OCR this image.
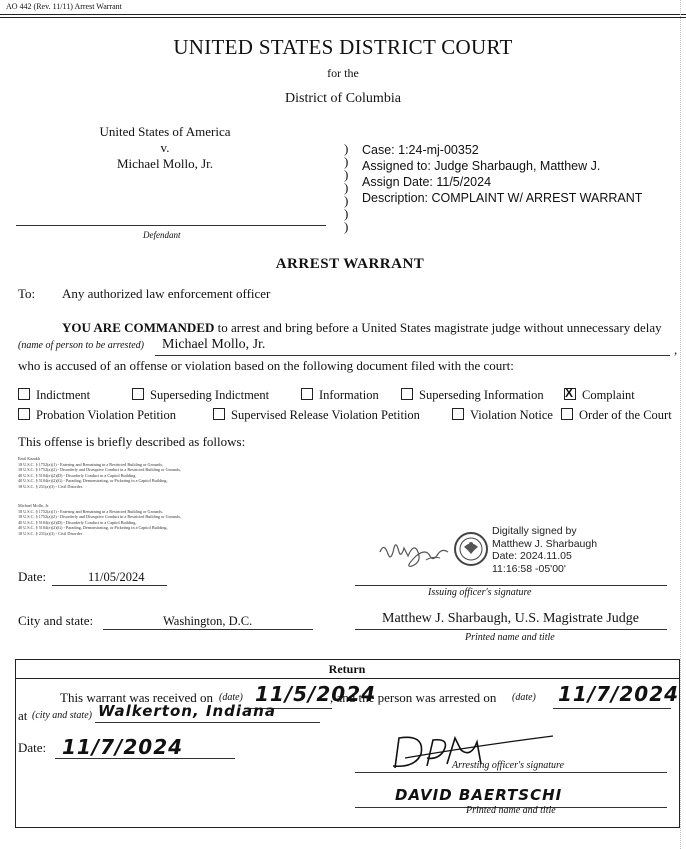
AO 442 (Rev. 11/11) Arrest Warrant
UNITED STATES DISTRICT COURT
for the
District of Columbia
United States of America
v.
Michael Mollo, Jr.
Defendant
)
)
)
)
)
)
)
Case: 1:24-mj-00352
Assigned to: Judge Sharbaugh, Matthew J.
Assign Date: 11/5/2024
Description: COMPLAINT W/ ARREST WARRANT
ARREST WARRANT
To: Any authorized law enforcement officer
YOU ARE COMMANDED to arrest and bring before a United States magistrate judge without unnecessary delay
(name of person to be arrested) Michael Mollo, Jr.	,
who is accused of an offense or violation based on the following document filed with the court:
Indictment	Superseding Indictment	Information	Superseding Information
X	Complaint
Probation Violation Petition	Supervised Release Violation Petition	Violation Notice	Order of the Court
This offense is briefly described as follows:
Emil Kazakh
18 U.S.C. § 1752(a)(1) - Entering and Remaining in a Restricted Building or Grounds,
18 U.S.C. § 1752(a)(2) - Disorderly and Disruptive Conduct in a Restricted Building or Grounds,
40 U.S.C. § 5104(e)(2)(D) - Disorderly Conduct in a Capitol Building,
40 U.S.C. § 5104(e)(2)(G) - Parading, Demonstrating, or Picketing in a Capitol Building,
18 U.S.C. § 231(a)(3) - Civil Disorder.
Michael Mollo, Jr.
18 U.S.C. § 1752(a)(1) - Entering and Remaining in a Restricted Building or Grounds,
18 U.S.C. § 1752(a)(2) - Disorderly and Disruptive Conduct in a Restricted Building or Grounds,
40 U.S.C. § 5104(e)(2)(D) - Disorderly Conduct in a Capitol Building,
40 U.S.C. § 5104(e)(2)(G) - Parading, Demonstrating, or Picketing in a Capitol Building,
18 U.S.C. § 231(a)(3) - Civil Disorder	Digitally signed by
Matthew J. Sharbaugh
Date: 2024.11.05
11:16:58 -05'00'
Date:	11/05/2024
Issuing officer's signature
City and state:	Washington, D.C.	Matthew J. Sharbaugh, U.S. Magistrate Judge
Printed name and title
Return
This warrant was received on (date) 11/5/2024
, and the person was arrested on (date) 11/7/2024
at (city and state) Walkerton, Indiana
Date: 11/7/2024
Arresting officer's signature
DAVID BAERTSCHI
Printed name and title
